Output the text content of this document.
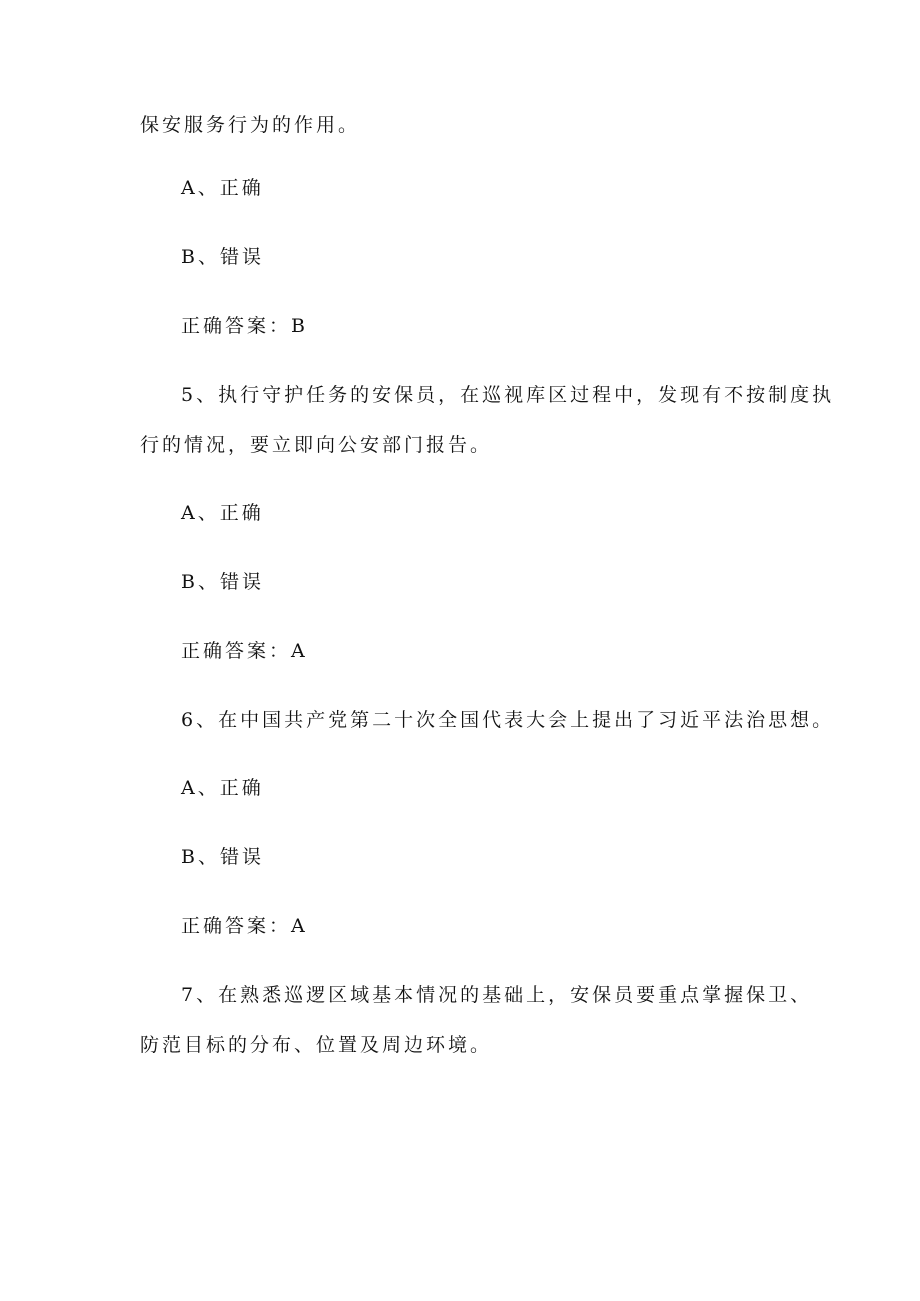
保安服务行为的作用。
A、正确
B、错误
正确答案：B
5、执行守护任务的安保员，在巡视库区过程中，发现有不按制度执
行的情况，要立即向公安部门报告。
A、正确
B、错误
正确答案：A
6、在中国共产党第二十次全国代表大会上提出了习近平法治思想。
A、正确
B、错误
正确答案：A
7、在熟悉巡逻区域基本情况的基础上，安保员要重点掌握保卫、
防范目标的分布、位置及周边环境。
